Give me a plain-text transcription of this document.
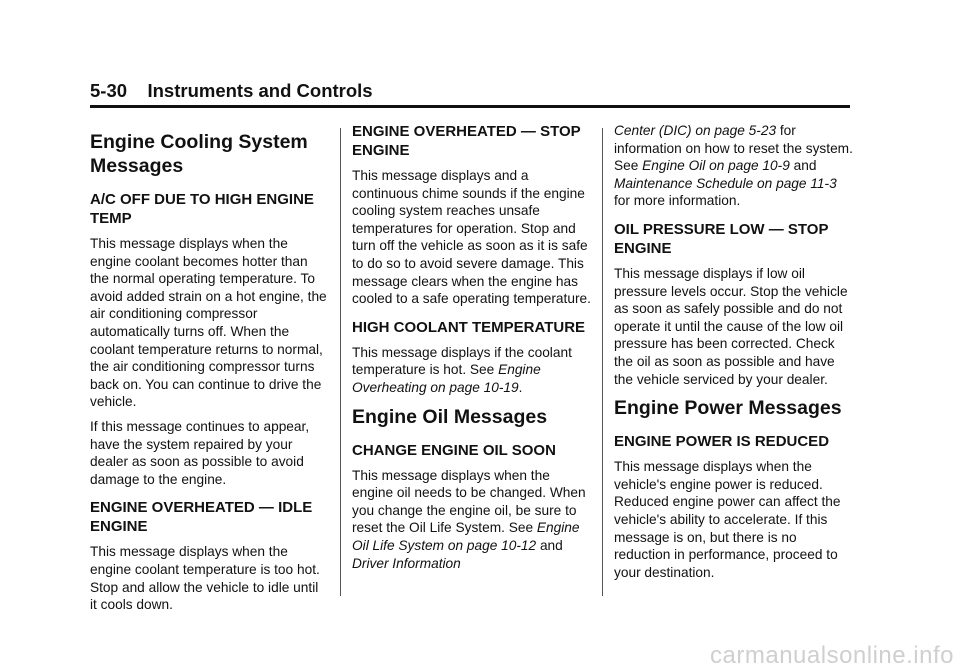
5-30 Instruments and Controls
Engine Cooling System Messages
A/C OFF DUE TO HIGH ENGINE TEMP

This message displays when the engine coolant becomes hotter than the normal operating temperature. To avoid added strain on a hot engine, the air conditioning compressor automatically turns off. When the coolant temperature returns to normal, the air conditioning compressor turns back on. You can continue to drive the vehicle.

If this message continues to appear, have the system repaired by your dealer as soon as possible to avoid damage to the engine.

ENGINE OVERHEATED — IDLE ENGINE

This message displays when the engine coolant temperature is too hot. Stop and allow the vehicle to idle until it cools down.

ENGINE OVERHEATED — STOP ENGINE

This message displays and a continuous chime sounds if the engine cooling system reaches unsafe temperatures for operation. Stop and turn off the vehicle as soon as it is safe to do so to avoid severe damage. This message clears when the engine has cooled to a safe operating temperature.

HIGH COOLANT TEMPERATURE

This message displays if the coolant temperature is hot. See Engine Overheating on page 10-19.

Engine Oil Messages
CHANGE ENGINE OIL SOON

This message displays when the engine oil needs to be changed. When you change the engine oil, be sure to reset the Oil Life System. See Engine Oil Life System on page 10-12 and Driver Information

Center (DIC) on page 5-23 for information on how to reset the system. See Engine Oil on page 10-9 and Maintenance Schedule on page 11-3 for more information.

OIL PRESSURE LOW — STOP ENGINE

This message displays if low oil pressure levels occur. Stop the vehicle as soon as safely possible and do not operate it until the cause of the low oil pressure has been corrected. Check the oil as soon as possible and have the vehicle serviced by your dealer.

Engine Power Messages
ENGINE POWER IS REDUCED

This message displays when the vehicle's engine power is reduced. Reduced engine power can affect the vehicle's ability to accelerate. If this message is on, but there is no reduction in performance, proceed to your destination.

carmanualsonline.info
